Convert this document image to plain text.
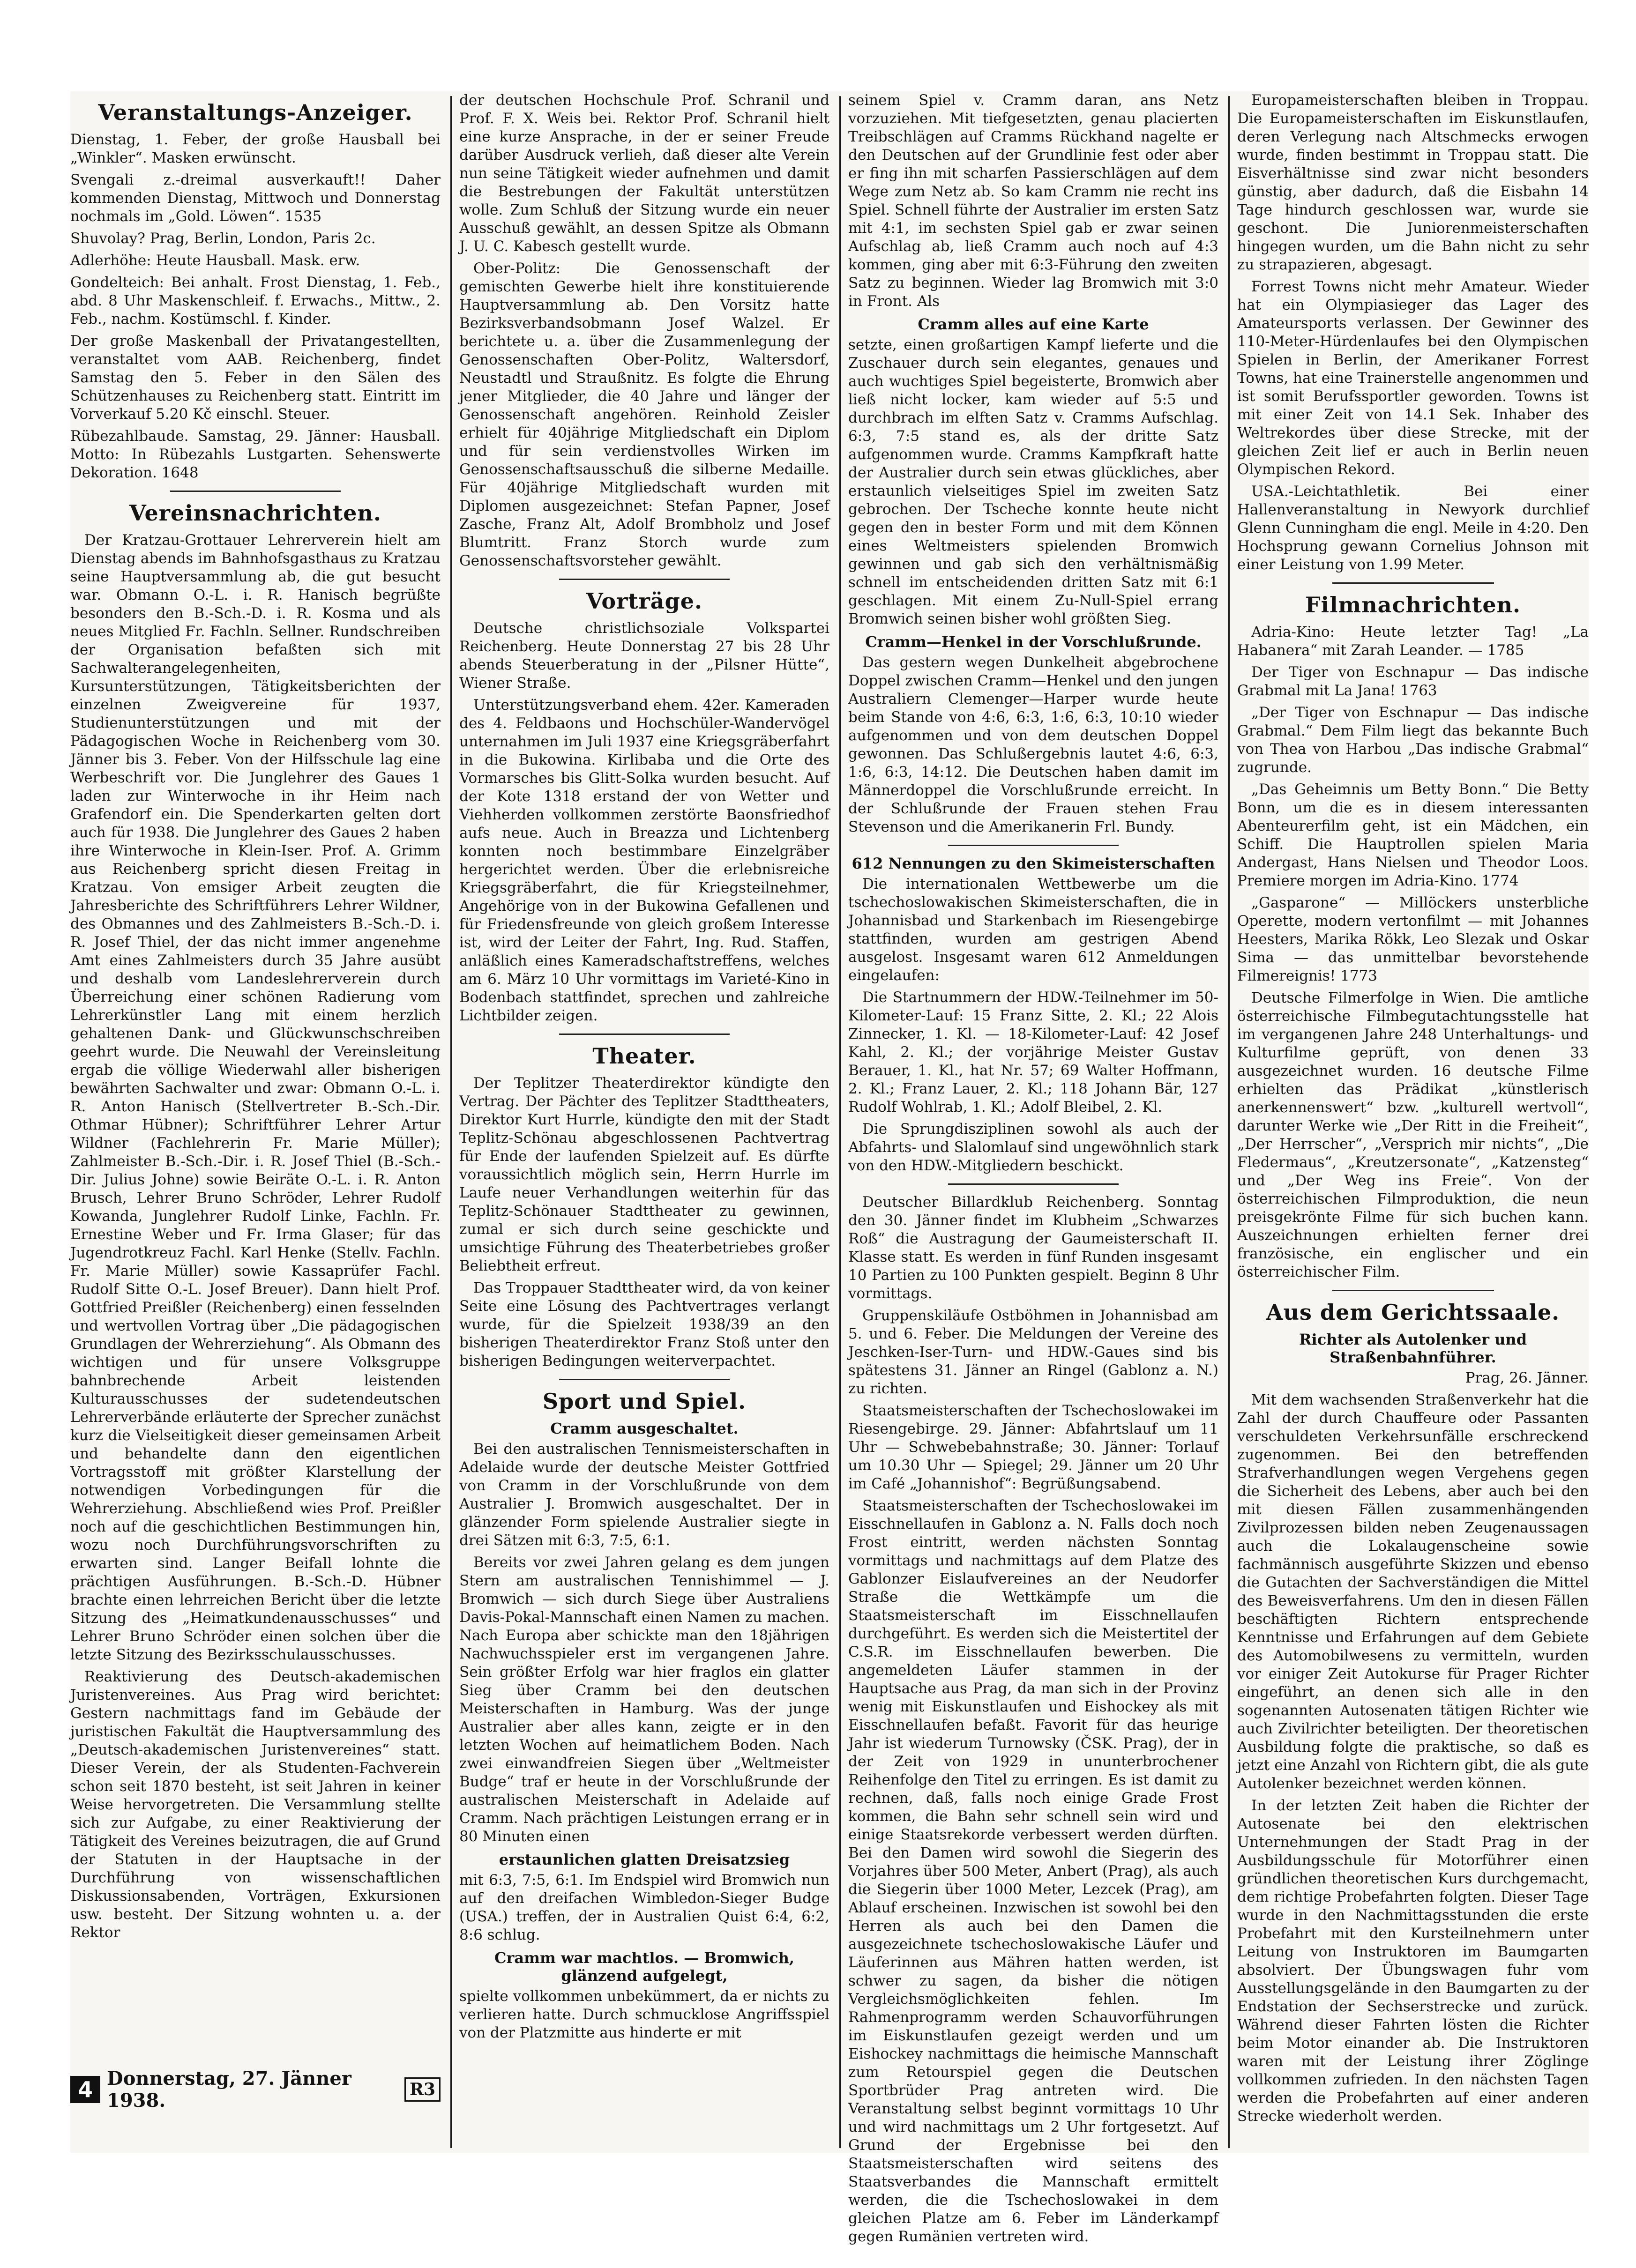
Veranstaltungs-Anzeiger.

Dienstag, 1. Feber, der große Hausball bei „Winkler“. Masken erwünscht.

Svengali z.-dreimal ausverkauft!! Daher kommenden Dienstag, Mittwoch und Donnerstag nochmals im „Gold. Löwen“. 1535

Shuvolay? Prag, Berlin, London, Paris 2c.

Adlerhöhe: Heute Hausball. Mask. erw.

Gondelteich: Bei anhalt. Frost Dienstag, 1. Feb., abd. 8 Uhr Maskenschleif. f. Erwachs., Mittw., 2. Feb., nachm. Kostümschl. f. Kinder.

Der große Maskenball der Privatangestellten, veranstaltet vom AAB. Reichenberg, findet Samstag den 5. Feber in den Sälen des Schützenhauses zu Reichenberg statt. Eintritt im Vorverkauf 5.20 Kč einschl. Steuer.

Rübezahlbaude. Samstag, 29. Jänner: Hausball. Motto: In Rübezahls Lustgarten. Sehenswerte Dekoration. 1648

Vereinsnachrichten.

Der Kratzau-Grottauer Lehrerverein hielt am Dienstag abends im Bahnhofsgasthaus zu Kratzau seine Hauptversammlung ab, die gut besucht war. Obmann O.-L. i. R. Hanisch begrüßte besonders den B.-Sch.-D. i. R. Kosma und als neues Mitglied Fr. Fachln. Sellner. Rundschreiben der Organisation befaßten sich mit Sachwalterangelegenheiten, Kursunterstützungen, Tätigkeitsberichten der einzelnen Zweigvereine für 1937, Studienunterstützungen und mit der Pädagogischen Woche in Reichenberg vom 30. Jänner bis 3. Feber. Von der Hilfsschule lag eine Werbeschrift vor. Die Junglehrer des Gaues 1 laden zur Winterwoche in ihr Heim nach Grafendorf ein. Die Spenderkarten gelten dort auch für 1938. Die Junglehrer des Gaues 2 haben ihre Winterwoche in Klein-Iser. Prof. A. Grimm aus Reichenberg spricht diesen Freitag in Kratzau. Von emsiger Arbeit zeugten die Jahresberichte des Schriftführers Lehrer Wildner, des Obmannes und des Zahlmeisters B.-Sch.-D. i. R. Josef Thiel, der das nicht immer angenehme Amt eines Zahlmeisters durch 35 Jahre ausübt und deshalb vom Landeslehrerverein durch Überreichung einer schönen Radierung vom Lehrerkünstler Lang mit einem herzlich gehaltenen Dank- und Glückwunschschreiben geehrt wurde. Die Neuwahl der Vereinsleitung ergab die völlige Wiederwahl aller bisherigen bewährten Sachwalter und zwar: Obmann O.-L. i. R. Anton Hanisch (Stellvertreter B.-Sch.-Dir. Othmar Hübner); Schriftführer Lehrer Artur Wildner (Fachlehrerin Fr. Marie Müller); Zahlmeister B.-Sch.-Dir. i. R. Josef Thiel (B.-Sch.-Dir. Julius Johne) sowie Beiräte O.-L. i. R. Anton Brusch, Lehrer Bruno Schröder, Lehrer Rudolf Kowanda, Junglehrer Rudolf Linke, Fachln. Fr. Ernestine Weber und Fr. Irma Glaser; für das Jugendrotkreuz Fachl. Karl Henke (Stellv. Fachln. Fr. Marie Müller) sowie Kassaprüfer Fachl. Rudolf Sitte O.-L. Josef Breuer). Dann hielt Prof. Gottfried Preißler (Reichenberg) einen fesselnden und wertvollen Vortrag über „Die pädagogischen Grundlagen der Wehrerziehung“. Als Obmann des wichtigen und für unsere Volksgruppe bahnbrechende Arbeit leistenden Kulturausschusses der sudetendeutschen Lehrerverbände erläuterte der Sprecher zunächst kurz die Vielseitigkeit dieser gemeinsamen Arbeit und behandelte dann den eigentlichen Vortragsstoff mit größter Klarstellung der notwendigen Vorbedingungen für die Wehrerziehung. Abschließend wies Prof. Preißler noch auf die geschichtlichen Bestimmungen hin, wozu noch Durchführungsvorschriften zu erwarten sind. Langer Beifall lohnte die prächtigen Ausführungen. B.-Sch.-D. Hübner brachte einen lehrreichen Bericht über die letzte Sitzung des „Heimatkundenausschusses“ und Lehrer Bruno Schröder einen solchen über die letzte Sitzung des Bezirksschulausschusses.

Reaktivierung des Deutsch-akademischen Juristenvereines. Aus Prag wird berichtet: Gestern nachmittags fand im Gebäude der juristischen Fakultät die Hauptversammlung des „Deutsch-akademischen Juristenvereines“ statt. Dieser Verein, der als Studenten-Fachverein schon seit 1870 besteht, ist seit Jahren in keiner Weise hervorgetreten. Die Versammlung stellte sich zur Aufgabe, zu einer Reaktivierung der Tätigkeit des Vereines beizutragen, die auf Grund der Statuten in der Hauptsache in der Durchführung von wissenschaftlichen Diskussionsabenden, Vorträgen, Exkursionen usw. besteht. Der Sitzung wohnten u. a. der Rektor

4 Donnerstag, 27. Jänner 1938.	R3

der deutschen Hochschule Prof. Schranil und Prof. F. X. Weis bei. Rektor Prof. Schranil hielt eine kurze Ansprache, in der er seiner Freude darüber Ausdruck verlieh, daß dieser alte Verein nun seine Tätigkeit wieder aufnehmen und damit die Bestrebungen der Fakultät unterstützen wolle. Zum Schluß der Sitzung wurde ein neuer Ausschuß gewählt, an dessen Spitze als Obmann J. U. C. Kabesch gestellt wurde.

Ober-Politz: Die Genossenschaft der gemischten Gewerbe hielt ihre konstituierende Hauptversammlung ab. Den Vorsitz hatte Bezirksverbandsobmann Josef Walzel. Er berichtete u. a. über die Zusammenlegung der Genossenschaften Ober-Politz, Waltersdorf, Neustadtl und Straußnitz. Es folgte die Ehrung jener Mitglieder, die 40 Jahre und länger der Genossenschaft angehören. Reinhold Zeisler erhielt für 40jährige Mitgliedschaft ein Diplom und für sein verdienstvolles Wirken im Genossenschaftsausschuß die silberne Medaille. Für 40jährige Mitgliedschaft wurden mit Diplomen ausgezeichnet: Stefan Papner, Josef Zasche, Franz Alt, Adolf Brombholz und Josef Blumtritt. Franz Storch wurde zum Genossenschaftsvorsteher gewählt.

Vorträge.

Deutsche christlichsoziale Volkspartei Reichenberg. Heute Donnerstag 27 bis 28 Uhr abends Steuerberatung in der „Pilsner Hütte“, Wiener Straße.

Unterstützungsverband ehem. 42er. Kameraden des 4. Feldbaons und Hochschüler-Wandervögel unternahmen im Juli 1937 eine Kriegsgräberfahrt in die Bukowina. Kirlibaba und die Orte des Vormarsches bis Glitt-Solka wurden besucht. Auf der Kote 1318 erstand der von Wetter und Viehherden vollkommen zerstörte Baonsfriedhof aufs neue. Auch in Breazza und Lichtenberg konnten noch bestimmbare Einzelgräber hergerichtet werden. Über die erlebnisreiche Kriegsgräberfahrt, die für Kriegsteilnehmer, Angehörige von in der Bukowina Gefallenen und für Friedensfreunde von gleich großem Interesse ist, wird der Leiter der Fahrt, Ing. Rud. Staffen, anläßlich eines Kameradschaftstreffens, welches am 6. März 10 Uhr vormittags im Varieté-Kino in Bodenbach stattfindet, sprechen und zahlreiche Lichtbilder zeigen.

Theater.

Der Teplitzer Theaterdirektor kündigte den Vertrag. Der Pächter des Teplitzer Stadttheaters, Direktor Kurt Hurrle, kündigte den mit der Stadt Teplitz-Schönau abgeschlossenen Pachtvertrag für Ende der laufenden Spielzeit auf. Es dürfte voraussichtlich möglich sein, Herrn Hurrle im Laufe neuer Verhandlungen weiterhin für das Teplitz-Schönauer Stadttheater zu gewinnen, zumal er sich durch seine geschickte und umsichtige Führung des Theaterbetriebes großer Beliebtheit erfreut.

Das Troppauer Stadttheater wird, da von keiner Seite eine Lösung des Pachtvertrages verlangt wurde, für die Spielzeit 1938/39 an den bisherigen Theaterdirektor Franz Stoß unter den bisherigen Bedingungen weiterverpachtet.

Sport und Spiel.
Cramm ausgeschaltet.

Bei den australischen Tennismeisterschaften in Adelaide wurde der deutsche Meister Gottfried von Cramm in der Vorschlußrunde von dem Australier J. Bromwich ausgeschaltet. Der in glänzender Form spielende Australier siegte in drei Sätzen mit 6:3, 7:5, 6:1.

Bereits vor zwei Jahren gelang es dem jungen Stern am australischen Tennishimmel — J. Bromwich — sich durch Siege über Australiens Davis-Pokal-Mannschaft einen Namen zu machen. Nach Europa aber schickte man den 18jährigen Nachwuchsspieler erst im vergangenen Jahre. Sein größter Erfolg war hier fraglos ein glatter Sieg über Cramm bei den deutschen Meisterschaften in Hamburg. Was der junge Australier aber alles kann, zeigte er in den letzten Wochen auf heimatlichem Boden. Nach zwei einwandfreien Siegen über „Weltmeister Budge“ traf er heute in der Vorschlußrunde der australischen Meisterschaft in Adelaide auf Cramm. Nach prächtigen Leistungen errang er in 80 Minuten einen

erstaunlichen glatten Dreisatzsieg

mit 6:3, 7:5, 6:1. Im Endspiel wird Bromwich nun auf den dreifachen Wimbledon-Sieger Budge (USA.) treffen, der in Australien Quist 6:4, 6:2, 8:6 schlug.

Cramm war machtlos. — Bromwich, glänzend aufgelegt,

spielte vollkommen unbekümmert, da er nichts zu verlieren hatte. Durch schmucklose Angriffsspiel von der Platzmitte aus hinderte er mit

seinem Spiel v. Cramm daran, ans Netz vorzuziehen. Mit tiefgesetzten, genau placierten Treibschlägen auf Cramms Rückhand nagelte er den Deutschen auf der Grundlinie fest oder aber er fing ihn mit scharfen Passierschlägen auf dem Wege zum Netz ab. So kam Cramm nie recht ins Spiel. Schnell führte der Australier im ersten Satz mit 4:1, im sechsten Spiel gab er zwar seinen Aufschlag ab, ließ Cramm auch noch auf 4:3 kommen, ging aber mit 6:3-Führung den zweiten Satz zu beginnen. Wieder lag Bromwich mit 3:0 in Front. Als

Cramm alles auf eine Karte

setzte, einen großartigen Kampf lieferte und die Zuschauer durch sein elegantes, genaues und auch wuchtiges Spiel begeisterte, Bromwich aber ließ nicht locker, kam wieder auf 5:5 und durchbrach im elften Satz v. Cramms Aufschlag. 6:3, 7:5 stand es, als der dritte Satz aufgenommen wurde. Cramms Kampfkraft hatte der Australier durch sein etwas glückliches, aber erstaunlich vielseitiges Spiel im zweiten Satz gebrochen. Der Tscheche konnte heute nicht gegen den in bester Form und mit dem Können eines Weltmeisters spielenden Bromwich gewinnen und gab sich den verhältnismäßig schnell im entscheidenden dritten Satz mit 6:1 geschlagen. Mit einem Zu-Null-Spiel errang Bromwich seinen bisher wohl größten Sieg.

Cramm—Henkel in der Vorschlußrunde.

Das gestern wegen Dunkelheit abgebrochene Doppel zwischen Cramm—Henkel und den jungen Australiern Clemenger—Harper wurde heute beim Stande von 4:6, 6:3, 1:6, 6:3, 10:10 wieder aufgenommen und von dem deutschen Doppel gewonnen. Das Schlußergebnis lautet 4:6, 6:3, 1:6, 6:3, 14:12. Die Deutschen haben damit im Männerdoppel die Vorschlußrunde erreicht. In der Schlußrunde der Frauen stehen Frau Stevenson und die Amerikanerin Frl. Bundy.

612 Nennungen zu den Skimeisterschaften

Die internationalen Wettbewerbe um die tschechoslowakischen Skimeisterschaften, die in Johannisbad und Starkenbach im Riesengebirge stattfinden, wurden am gestrigen Abend ausgelost. Insgesamt waren 612 Anmeldungen eingelaufen:

Die Startnummern der HDW.-Teilnehmer im 50-Kilometer-Lauf: 15 Franz Sitte, 2. Kl.; 22 Alois Zinnecker, 1. Kl. — 18-Kilometer-Lauf: 42 Josef Kahl, 2. Kl.; der vorjährige Meister Gustav Berauer, 1. Kl., hat Nr. 57; 69 Walter Hoffmann, 2. Kl.; Franz Lauer, 2. Kl.; 118 Johann Bär, 127 Rudolf Wohlrab, 1. Kl.; Adolf Bleibel, 2. Kl.

Die Sprungdisziplinen sowohl als auch der Abfahrts- und Slalomlauf sind ungewöhnlich stark von den HDW.-Mitgliedern beschickt.

Deutscher Billardklub Reichenberg. Sonntag den 30. Jänner findet im Klubheim „Schwarzes Roß“ die Austragung der Gaumeisterschaft II. Klasse statt. Es werden in fünf Runden insgesamt 10 Partien zu 100 Punkten gespielt. Beginn 8 Uhr vormittags.

Gruppenskiläufe Ostböhmen in Johannisbad am 5. und 6. Feber. Die Meldungen der Vereine des Jeschken-Iser-Turn- und HDW.-Gaues sind bis spätestens 31. Jänner an Ringel (Gablonz a. N.) zu richten.

Staatsmeisterschaften der Tschechoslowakei im Riesengebirge. 29. Jänner: Abfahrtslauf um 11 Uhr — Schwebebahnstraße; 30. Jänner: Torlauf um 10.30 Uhr — Spiegel; 29. Jänner um 20 Uhr im Café „Johannishof“: Begrüßungsabend.

Staatsmeisterschaften der Tschechoslowakei im Eisschnellaufen in Gablonz a. N. Falls doch noch Frost eintritt, werden nächsten Sonntag vormittags und nachmittags auf dem Platze des Gablonzer Eislaufvereines an der Neudorfer Straße die Wettkämpfe um die Staatsmeisterschaft im Eisschnellaufen durchgeführt. Es werden sich die Meistertitel der C.S.R. im Eisschnellaufen bewerben. Die angemeldeten Läufer stammen in der Hauptsache aus Prag, da man sich in der Provinz wenig mit Eiskunstlaufen und Eishockey als mit Eisschnellaufen befaßt. Favorit für das heurige Jahr ist wiederum Turnowsky (ČSK. Prag), der in der Zeit von 1929 in ununterbrochener Reihenfolge den Titel zu erringen. Es ist damit zu rechnen, daß, falls noch einige Grade Frost kommen, die Bahn sehr schnell sein wird und einige Staatsrekorde verbessert werden dürften. Bei den Damen wird sowohl die Siegerin des Vorjahres über 500 Meter, Anbert (Prag), als auch die Siegerin über 1000 Meter, Lezcek (Prag), am Ablauf erscheinen. Inzwischen ist sowohl bei den Herren als auch bei den Damen die ausgezeichnete tschechoslowakische Läufer und Läuferinnen aus Mähren hatten werden, ist schwer zu sagen, da bisher die nötigen Vergleichsmöglichkeiten fehlen. Im Rahmenprogramm werden Schauvorführungen im Eiskunstlaufen gezeigt werden und um Eishockey nachmittags die heimische Mannschaft zum Retourspiel gegen die Deutschen Sportbrüder Prag antreten wird. Die Veranstaltung selbst beginnt vormittags 10 Uhr und wird nachmittags um 2 Uhr fortgesetzt. Auf Grund der Ergebnisse bei den Staatsmeisterschaften wird seitens des Staatsverbandes die Mannschaft ermittelt werden, die die Tschechoslowakei in dem gleichen Platze am 6. Feber im Länderkampf gegen Rumänien vertreten wird.

Europameisterschaften bleiben in Troppau. Die Europameisterschaften im Eiskunstlaufen, deren Verlegung nach Altschmecks erwogen wurde, finden bestimmt in Troppau statt. Die Eisverhältnisse sind zwar nicht besonders günstig, aber dadurch, daß die Eisbahn 14 Tage hindurch geschlossen war, wurde sie geschont. Die Juniorenmeisterschaften hingegen wurden, um die Bahn nicht zu sehr zu strapazieren, abgesagt.

Forrest Towns nicht mehr Amateur. Wieder hat ein Olympiasieger das Lager des Amateursports verlassen. Der Gewinner des 110-Meter-Hürdenlaufes bei den Olympischen Spielen in Berlin, der Amerikaner Forrest Towns, hat eine Trainerstelle angenommen und ist somit Berufssportler geworden. Towns ist mit einer Zeit von 14.1 Sek. Inhaber des Weltrekordes über diese Strecke, mit der gleichen Zeit lief er auch in Berlin neuen Olympischen Rekord.

USA.-Leichtathletik. Bei einer Hallenveranstaltung in Newyork durchlief Glenn Cunningham die engl. Meile in 4:20. Den Hochsprung gewann Cornelius Johnson mit einer Leistung von 1.99 Meter.

Filmnachrichten.

Adria-Kino: Heute letzter Tag! „La Habanera“ mit Zarah Leander. — 1785

Der Tiger von Eschnapur — Das indische Grabmal mit La Jana! 1763

„Der Tiger von Eschnapur — Das indische Grabmal.“ Dem Film liegt das bekannte Buch von Thea von Harbou „Das indische Grabmal“ zugrunde.

„Das Geheimnis um Betty Bonn.“ Die Betty Bonn, um die es in diesem interessanten Abenteurerfilm geht, ist ein Mädchen, ein Schiff. Die Hauptrollen spielen Maria Andergast, Hans Nielsen und Theodor Loos. Premiere morgen im Adria-Kino. 1774

„Gasparone“ — Millöckers unsterbliche Operette, modern vertonfilmt — mit Johannes Heesters, Marika Rökk, Leo Slezak und Oskar Sima — das unmittelbar bevorstehende Filmereignis! 1773

Deutsche Filmerfolge in Wien. Die amtliche österreichische Filmbegutachtungsstelle hat im vergangenen Jahre 248 Unterhaltungs- und Kulturfilme geprüft, von denen 33 ausgezeichnet wurden. 16 deutsche Filme erhielten das Prädikat „künstlerisch anerkennenswert“ bzw. „kulturell wertvoll“, darunter Werke wie „Der Ritt in die Freiheit“, „Der Herrscher“, „Versprich mir nichts“, „Die Fledermaus“, „Kreutzersonate“, „Katzensteg“ und „Der Weg ins Freie“. Von der österreichischen Filmproduktion, die neun preisgekrönte Filme für sich buchen kann. Auszeichnungen erhielten ferner drei französische, ein englischer und ein österreichischer Film.

Aus dem Gerichtssaale.
Richter als Autolenker und Straßenbahnführer.

Prag, 26. Jänner.

Mit dem wachsenden Straßenverkehr hat die Zahl der durch Chauffeure oder Passanten verschuldeten Verkehrsunfälle erschreckend zugenommen. Bei den betreffenden Strafverhandlungen wegen Vergehens gegen die Sicherheit des Lebens, aber auch bei den mit diesen Fällen zusammenhängenden Zivilprozessen bilden neben Zeugenaussagen auch die Lokalaugenscheine sowie fachmännisch ausgeführte Skizzen und ebenso die Gutachten der Sachverständigen die Mittel des Beweisverfahrens. Um den in diesen Fällen beschäftigten Richtern entsprechende Kenntnisse und Erfahrungen auf dem Gebiete des Automobilwesens zu vermitteln, wurden vor einiger Zeit Autokurse für Prager Richter eingeführt, an denen sich alle in den sogenannten Autosenaten tätigen Richter wie auch Zivilrichter beteiligten. Der theoretischen Ausbildung folgte die praktische, so daß es jetzt eine Anzahl von Richtern gibt, die als gute Autolenker bezeichnet werden können.

In der letzten Zeit haben die Richter der Autosenate bei den elektrischen Unternehmungen der Stadt Prag in der Ausbildungsschule für Motorführer einen gründlichen theoretischen Kurs durchgemacht, dem richtige Probefahrten folgten. Dieser Tage wurde in den Nachmittagsstunden die erste Probefahrt mit den Kursteilnehmern unter Leitung von Instruktoren im Baumgarten absolviert. Der Übungswagen fuhr vom Ausstellungsgelände in den Baumgarten zu der Endstation der Sechserstrecke und zurück. Während dieser Fahrten lösten die Richter beim Motor einander ab. Die Instruktoren waren mit der Leistung ihrer Zöglinge vollkommen zufrieden. In den nächsten Tagen werden die Probefahrten auf einer anderen Strecke wiederholt werden.
